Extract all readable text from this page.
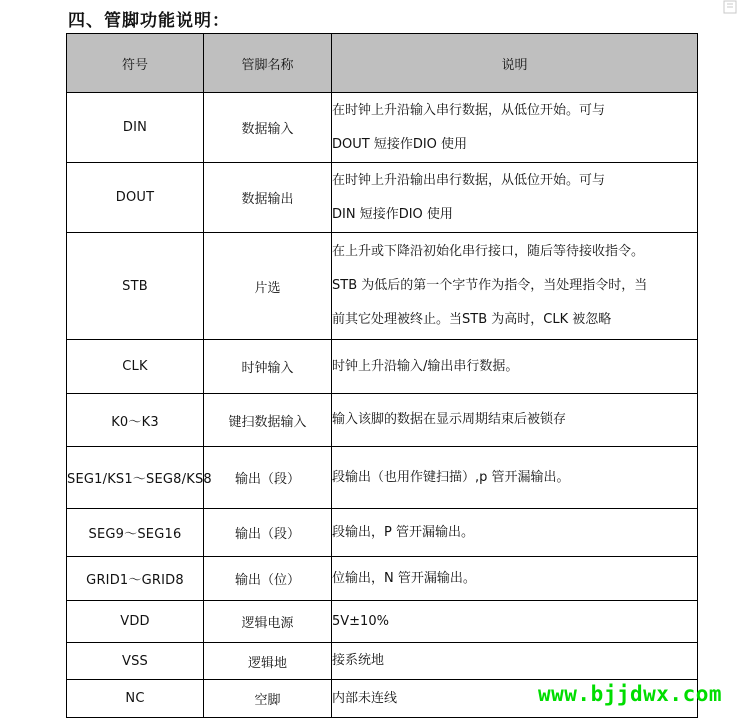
四、管脚功能说明：
符号	管脚名称	说明
DIN	数据输入	在时钟上升沿输入串行数据，从低位开始。可与
DOUT 短接作DIO 使用

DOUT	数据输出	在时钟上升沿输出串行数据，从低位开始。可与
DIN 短接作DIO 使用

STB	片选	在上升或下降沿初始化串行接口，随后等待接收指令。
STB 为低后的第一个字节作为指令，当处理指令时，当
前其它处理被终止。当STB 为高时，CLK 被忽略

CLK	时钟输入	时钟上升沿输入/输出串行数据。

K0～K3	键扫数据输入	输入该脚的数据在显示周期结束后被锁存

SEG1/KS1～SEG8/KS8	输出（段）	段输出（也用作键扫描）,p 管开漏输出。

SEG9～SEG16	输出（段）	段输出，P 管开漏输出。

GRID1～GRID8	输出（位）	位输出，N 管开漏输出。

VDD	逻辑电源	5V±10%

VSS	逻辑地	接系统地

NC	空脚	内部未连线	www.bjjdwx.com
